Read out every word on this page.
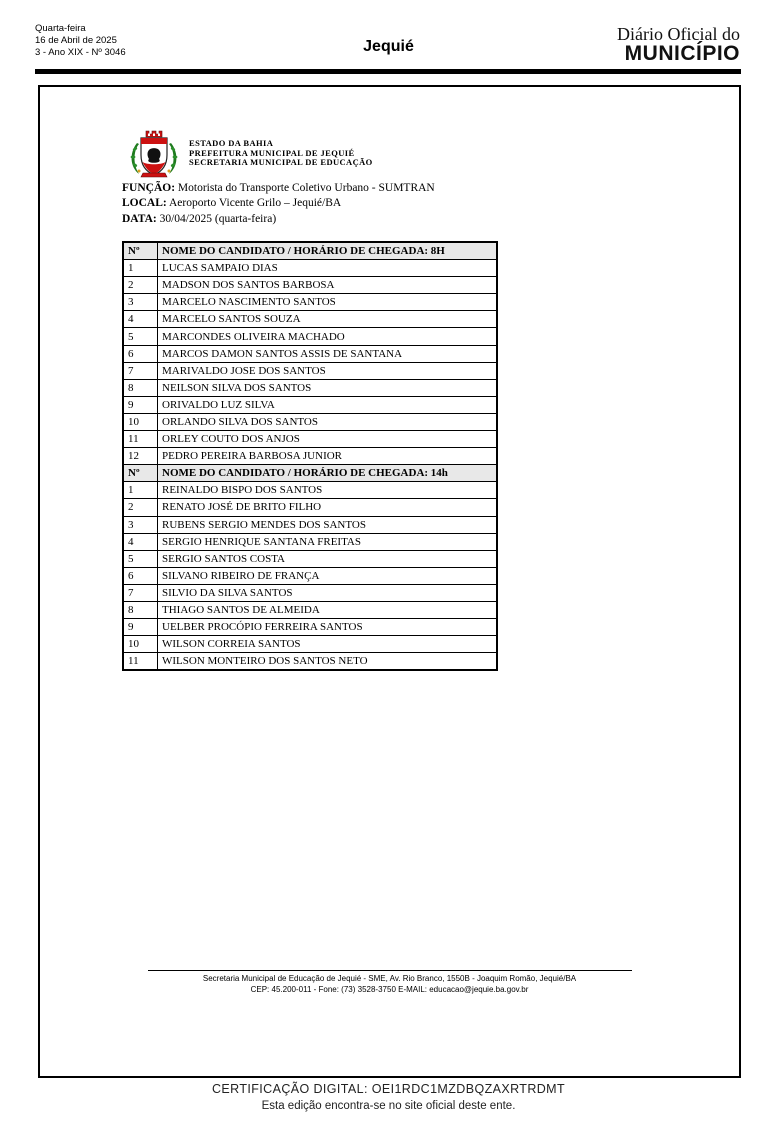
Quarta-feira
16 de Abril de 2025
3 - Ano XIX - Nº 3046	Jequié
Diário Oficial do
MUNICÍPIO
ESTADO DA BAHIA
PREFEITURA MUNICIPAL DE JEQUIÉ
SECRETARIA MUNICIPAL DE EDUCAÇÃO
FUNÇÃO: Motorista do Transporte Coletivo Urbano - SUMTRAN
LOCAL: Aeroporto Vicente Grilo – Jequié/BA
DATA: 30/04/2025 (quarta-feira)
Nº	NOME DO CANDIDATO / HORÁRIO DE CHEGADA: 8H
1	LUCAS SAMPAIO DIAS
2	MADSON DOS SANTOS BARBOSA
3	MARCELO NASCIMENTO SANTOS
4	MARCELO SANTOS SOUZA
5	MARCONDES OLIVEIRA MACHADO
6	MARCOS DAMON SANTOS ASSIS DE SANTANA
7	MARIVALDO JOSE DOS SANTOS
8	NEILSON SILVA DOS SANTOS
9	ORIVALDO LUZ SILVA
10	ORLANDO SILVA DOS SANTOS
11	ORLEY COUTO DOS ANJOS
12	PEDRO PEREIRA BARBOSA JUNIOR
Nº	NOME DO CANDIDATO / HORÁRIO DE CHEGADA: 14h
1	REINALDO BISPO DOS SANTOS
2	RENATO JOSÉ DE BRITO FILHO
3	RUBENS SERGIO MENDES DOS SANTOS
4	SERGIO HENRIQUE SANTANA FREITAS
5	SERGIO SANTOS COSTA
6	SILVANO RIBEIRO DE FRANÇA
7	SILVIO DA SILVA SANTOS
8	THIAGO SANTOS DE ALMEIDA
9	UELBER PROCÓPIO FERREIRA SANTOS
10	WILSON CORREIA SANTOS
11	WILSON MONTEIRO DOS SANTOS NETO
Secretaria Municipal de Educação de Jequié - SME, Av. Rio Branco, 1550B - Joaquim Romão, Jequié/BA
CEP: 45.200-011 - Fone: (73) 3528-3750 E-MAIL: educacao@jequie.ba.gov.br
CERTIFICAÇÃO DIGITAL: OEI1RDC1MZDBQZAXRTRDMT
Esta edição encontra-se no site oficial deste ente.
